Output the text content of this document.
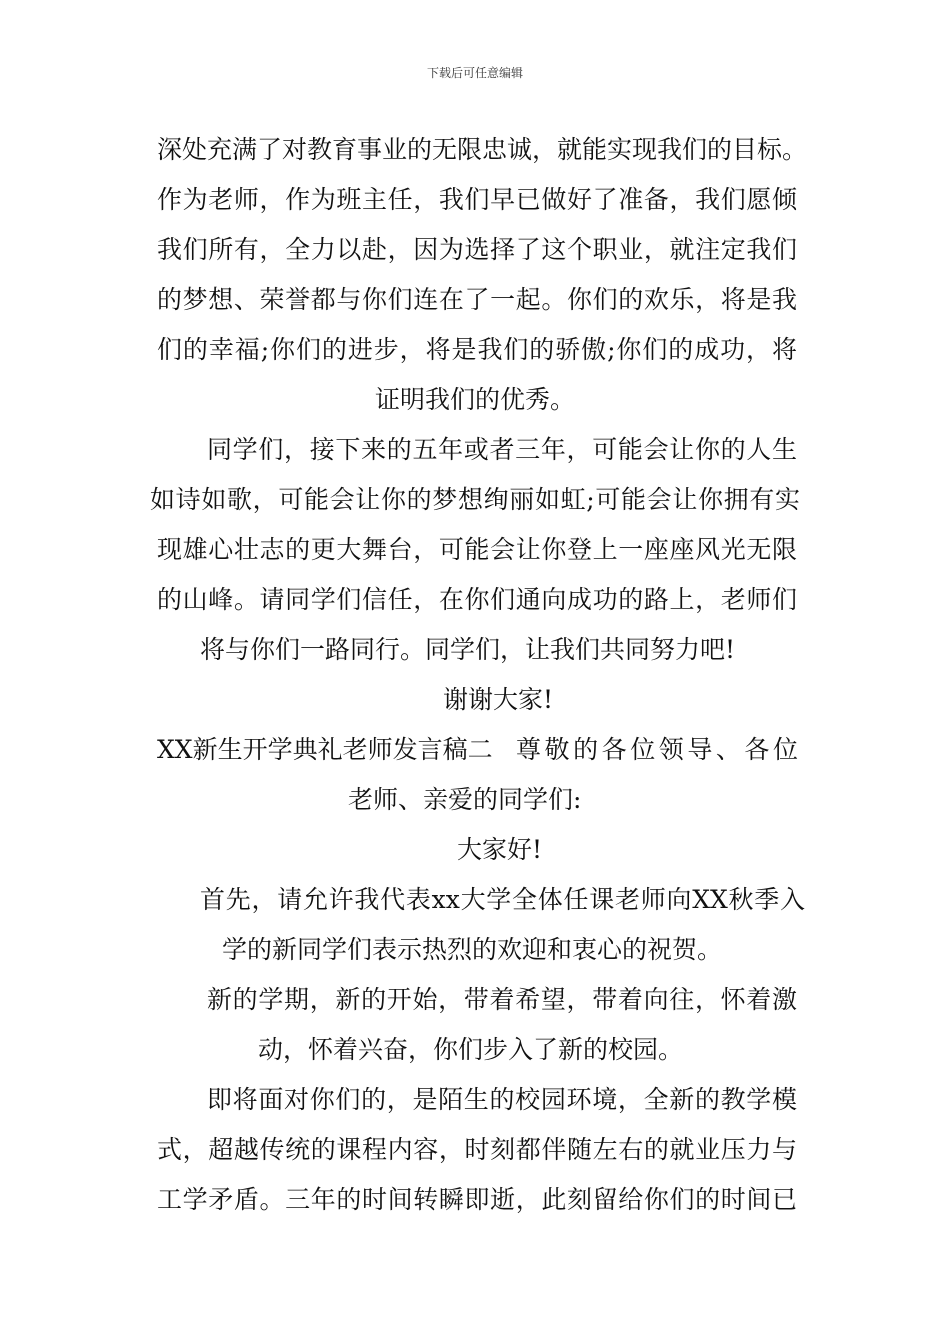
下载后可任意编辑
深处充满了对教育事业的无限忠诚，就能实现我们的目标。
作为老师，作为班主任，我们早已做好了准备，我们愿倾
我们所有，全力以赴，因为选择了这个职业，就注定我们
的梦想、荣誉都与你们连在了一起。你们的欢乐，将是我
们的幸福;你们的进步，将是我们的骄傲;你们的成功，将
证明我们的优秀。
同学们，接下来的五年或者三年，可能会让你的人生
如诗如歌，可能会让你的梦想绚丽如虹;可能会让你拥有实
现雄心壮志的更大舞台，可能会让你登上一座座风光无限
的山峰。请同学们信任，在你们通向成功的路上，老师们
将与你们一路同行。同学们，让我们共同努力吧!
谢谢大家!
XX新生开学典礼老师发言稿二 尊敬的各位领导、各位
老师、亲爱的同学们:
大家好!
首先，请允许我代表xx大学全体任课老师向XX秋季入
学的新同学们表示热烈的欢迎和衷心的祝贺。
新的学期，新的开始，带着希望，带着向往，怀着激
动，怀着兴奋，你们步入了新的校园。
即将面对你们的，是陌生的校园环境，全新的教学模
式，超越传统的课程内容，时刻都伴随左右的就业压力与
工学矛盾。三年的时间转瞬即逝，此刻留给你们的时间已
